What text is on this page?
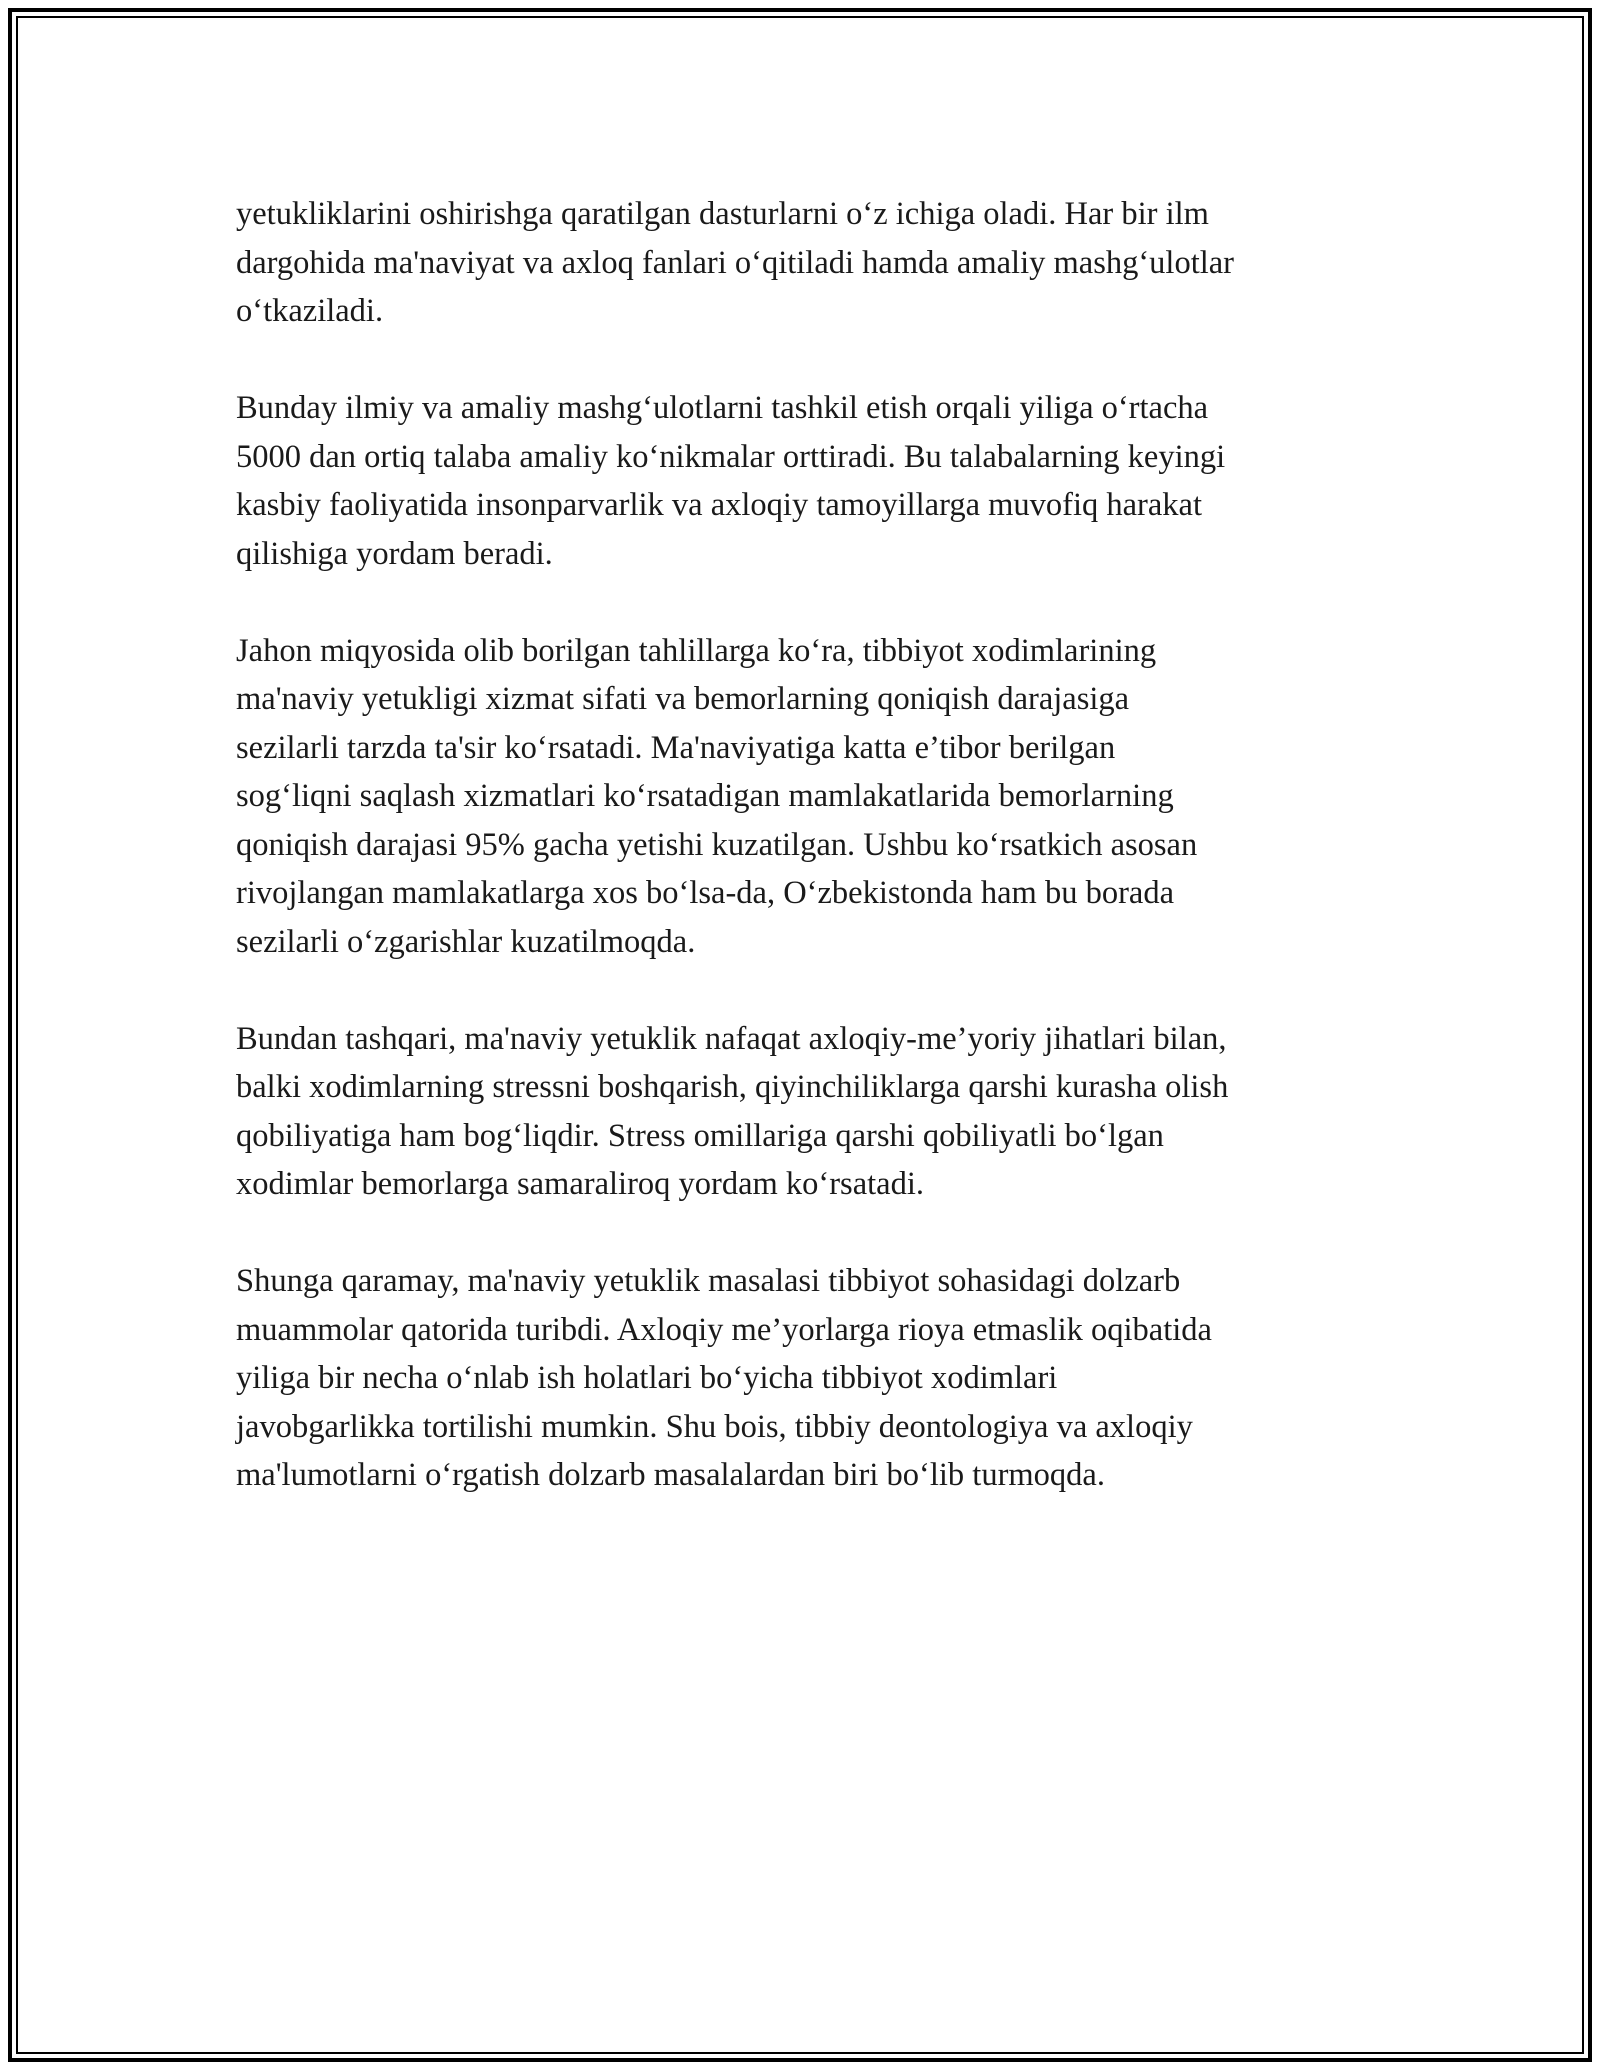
yetukliklarini oshirishga qaratilgan dasturlarni o‘z ichiga oladi. Har bir ilm
dargohida ma'naviyat va axloq fanlari o‘qitiladi hamda amaliy mashg‘ulotlar
o‘tkaziladi.

Bunday ilmiy va amaliy mashg‘ulotlarni tashkil etish orqali yiliga o‘rtacha
5000 dan ortiq talaba amaliy ko‘nikmalar orttiradi. Bu talabalarning keyingi
kasbiy faoliyatida insonparvarlik va axloqiy tamoyillarga muvofiq harakat
qilishiga yordam beradi.

Jahon miqyosida olib borilgan tahlillarga ko‘ra, tibbiyot xodimlarining
ma'naviy yetukligi xizmat sifati va bemorlarning qoniqish darajasiga
sezilarli tarzda ta'sir ko‘rsatadi. Ma'naviyatiga katta e’tibor berilgan
sog‘liqni saqlash xizmatlari ko‘rsatadigan mamlakatlarida bemorlarning
qoniqish darajasi 95% gacha yetishi kuzatilgan. Ushbu ko‘rsatkich asosan
rivojlangan mamlakatlarga xos bo‘lsa-da, O‘zbekistonda ham bu borada
sezilarli o‘zgarishlar kuzatilmoqda.

Bundan tashqari, ma'naviy yetuklik nafaqat axloqiy-me’yoriy jihatlari bilan,
balki xodimlarning stressni boshqarish, qiyinchiliklarga qarshi kurasha olish
qobiliyatiga ham bog‘liqdir. Stress omillariga qarshi qobiliyatli bo‘lgan
xodimlar bemorlarga samaraliroq yordam ko‘rsatadi.

Shunga qaramay, ma'naviy yetuklik masalasi tibbiyot sohasidagi dolzarb
muammolar qatorida turibdi. Axloqiy me’yorlarga rioya etmaslik oqibatida
yiliga bir necha o‘nlab ish holatlari bo‘yicha tibbiyot xodimlari
javobgarlikka tortilishi mumkin. Shu bois, tibbiy deontologiya va axloqiy
ma'lumotlarni o‘rgatish dolzarb masalalardan biri bo‘lib turmoqda.
